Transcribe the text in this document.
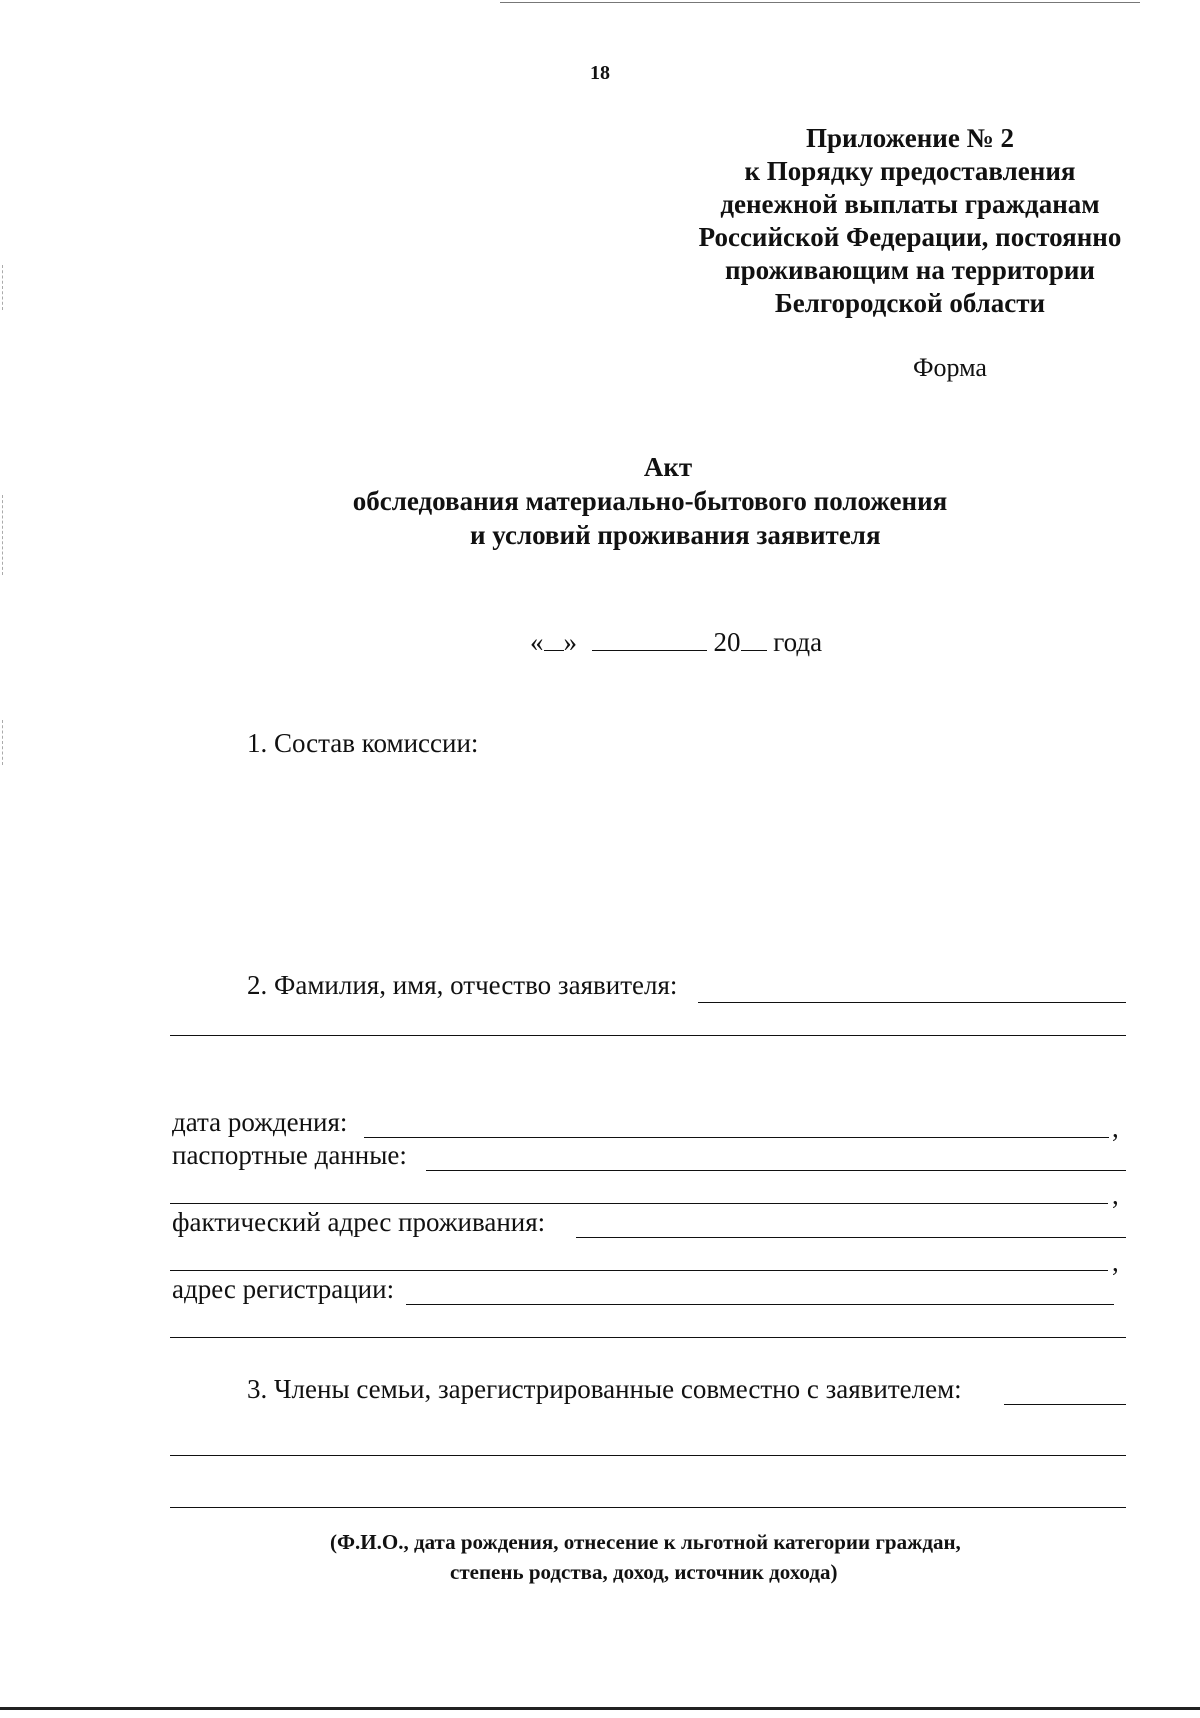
18
Приложение № 2
к Порядку предоставления
денежной выплаты гражданам
Российской Федерации, постоянно
проживающим на территории
Белгородской области
Форма
Акт
обследования материально-бытового положения
и условий проживания заявителя
« »	20 года
1. Состав комиссии:
2. Фамилия, имя, отчество заявителя:
дата рождения:	,
паспортные данные:
,
фактический адрес проживания:
,
адрес регистрации:
3. Члены семьи, зарегистрированные совместно с заявителем:
(Ф.И.О., дата рождения, отнесение к льготной категории граждан,
степень родства, доход, источник дохода)
